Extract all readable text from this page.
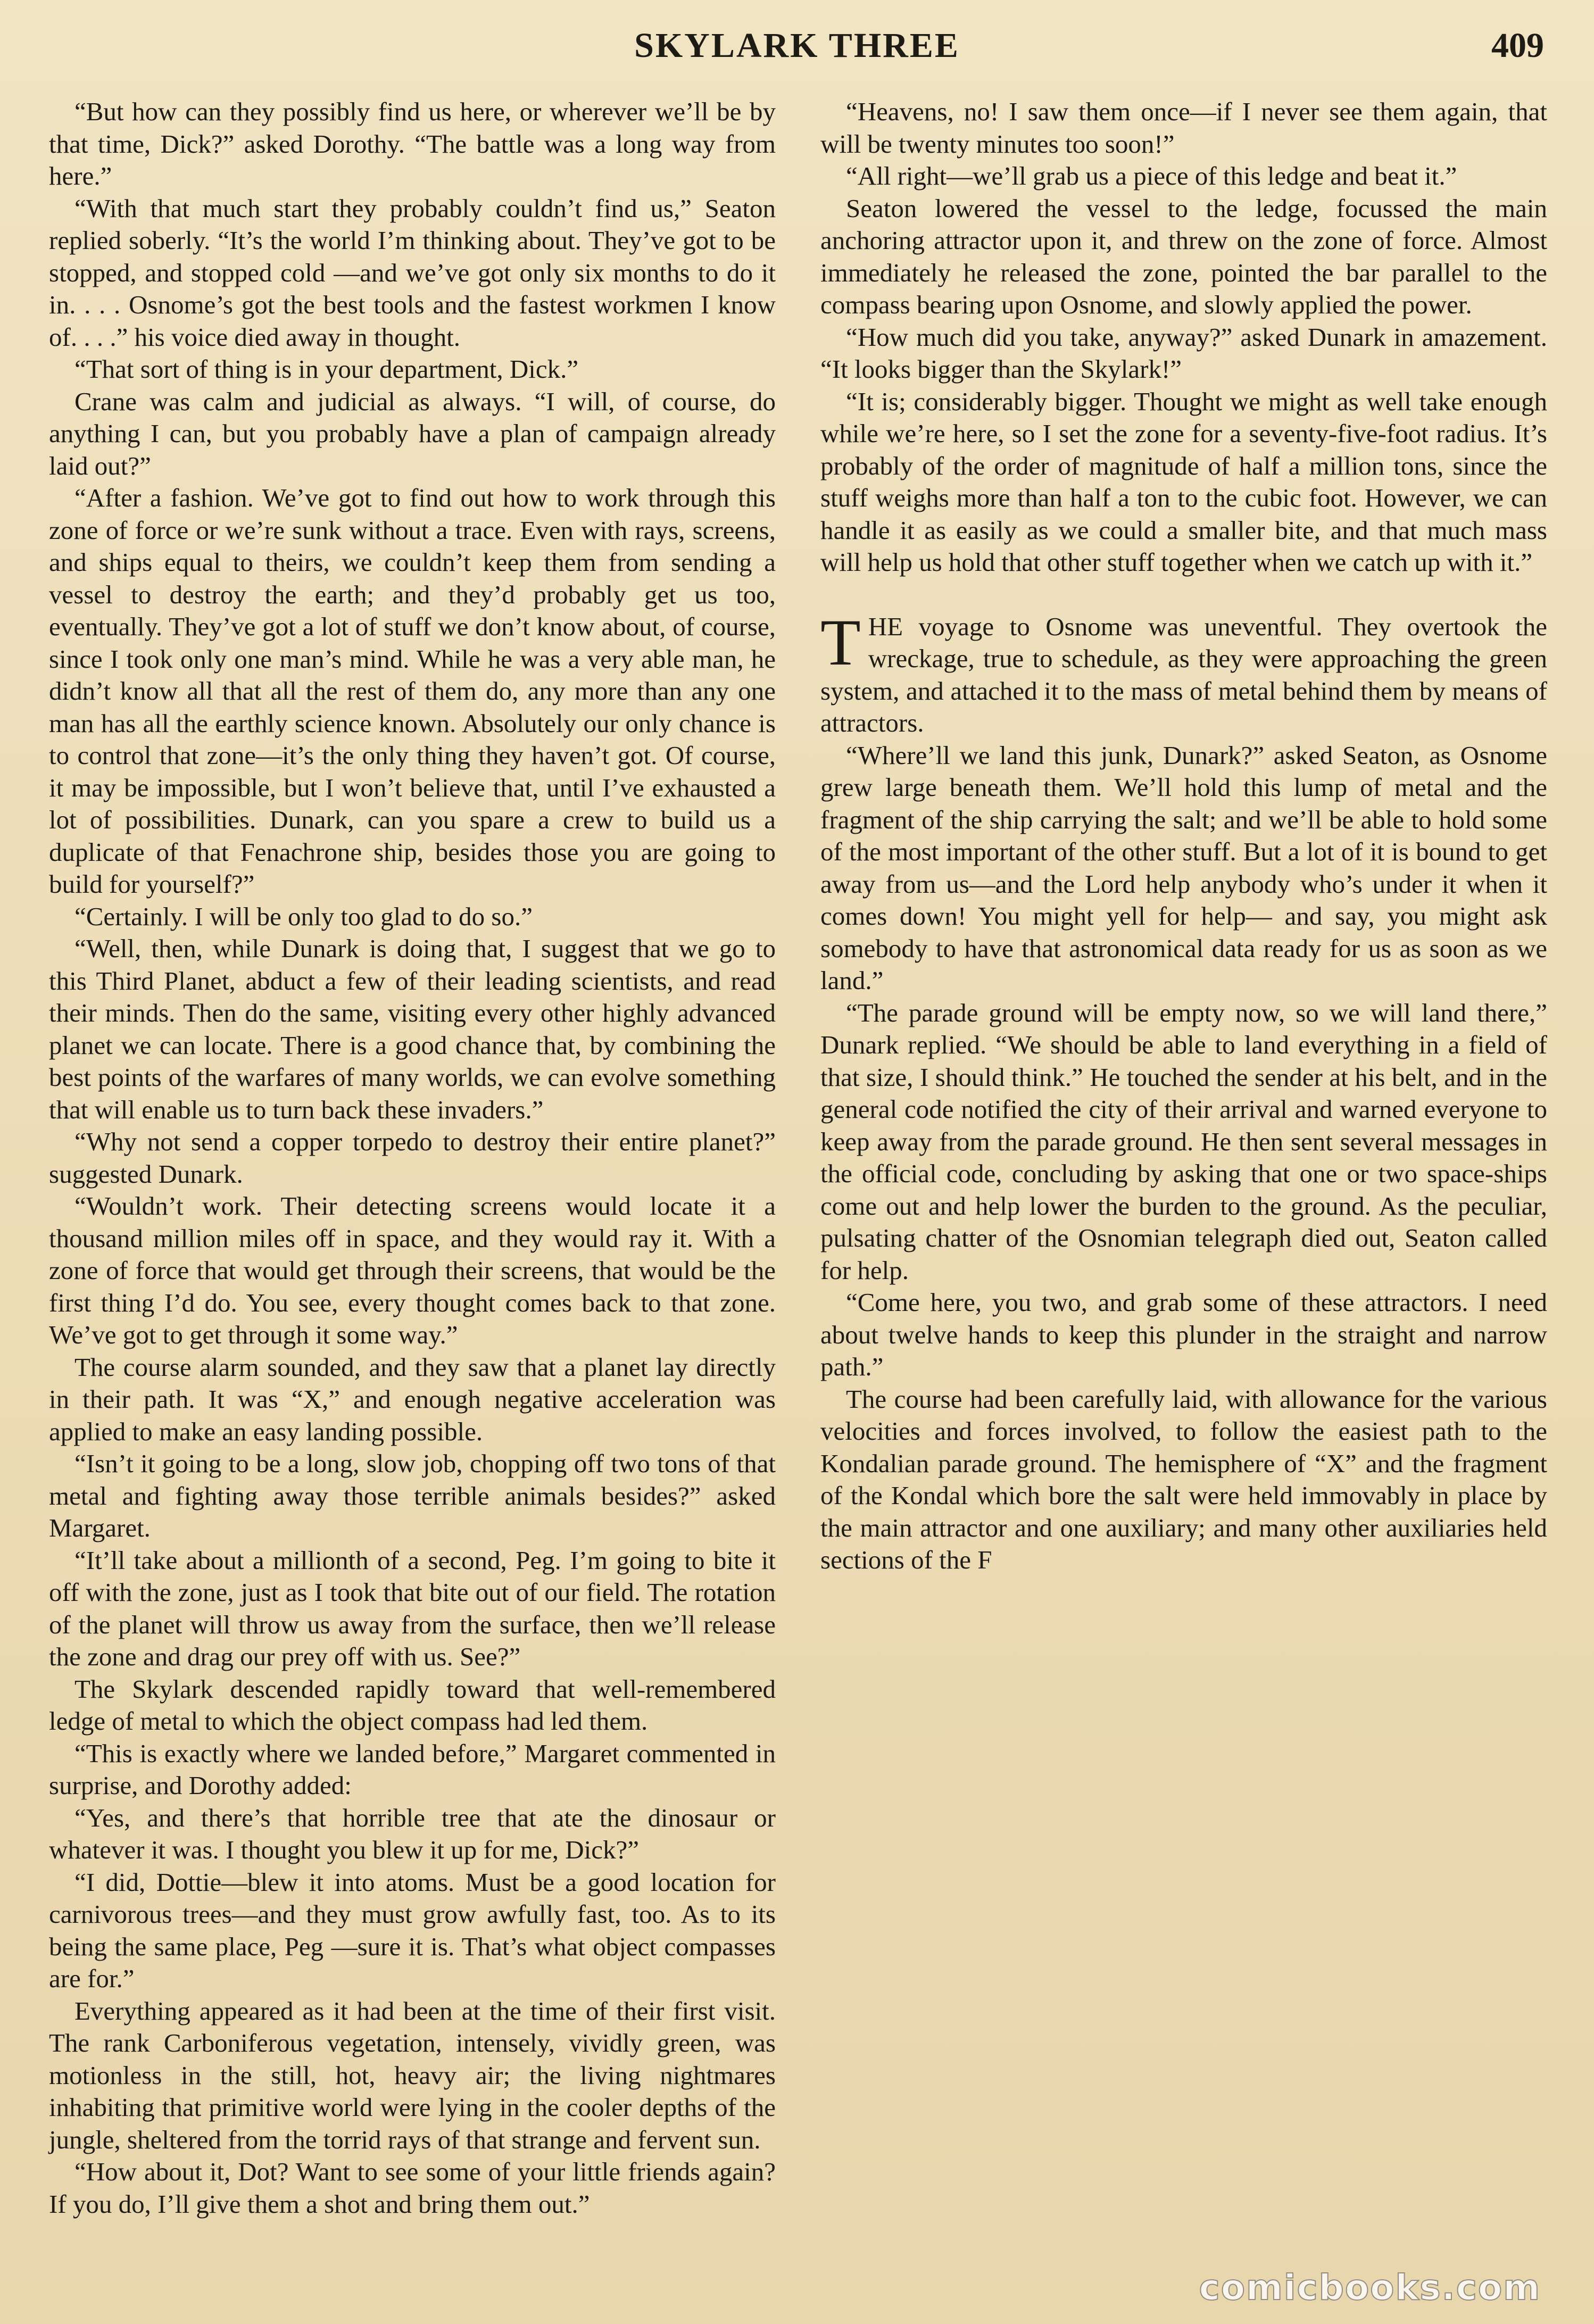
SKYLARK THREE	409

“But how can they possibly find us here, or wherever we’ll be by that time, Dick?” asked Dorothy. “The battle was a long way from here.”

“With that much start they probably couldn’t find us,” Seaton replied soberly. “It’s the world I’m thinking about. They’ve got to be stopped, and stopped cold —and we’ve got only six months to do it in. . . . Osnome’s got the best tools and the fastest workmen I know of. . . .” his voice died away in thought.

“That sort of thing is in your department, Dick.”

Crane was calm and judicial as always. “I will, of course, do anything I can, but you probably have a plan of campaign already laid out?”

“After a fashion. We’ve got to find out how to work through this zone of force or we’re sunk without a trace. Even with rays, screens, and ships equal to theirs, we couldn’t keep them from sending a vessel to destroy the earth; and they’d probably get us too, eventually. They’ve got a lot of stuff we don’t know about, of course, since I took only one man’s mind. While he was a very able man, he didn’t know all that all the rest of them do, any more than any one man has all the earthly science known. Absolutely our only chance is to control that zone—it’s the only thing they haven’t got. Of course, it may be impossible, but I won’t believe that, until I’ve exhausted a lot of possibilities. Dunark, can you spare a crew to build us a duplicate of that Fenachrone ship, besides those you are going to build for yourself?”

“Certainly. I will be only too glad to do so.”

“Well, then, while Dunark is doing that, I suggest that we go to this Third Planet, abduct a few of their leading scientists, and read their minds. Then do the same, visiting every other highly advanced planet we can locate. There is a good chance that, by combining the best points of the warfares of many worlds, we can evolve something that will enable us to turn back these invaders.”

“Why not send a copper torpedo to destroy their entire planet?” suggested Dunark.

“Wouldn’t work. Their detecting screens would locate it a thousand million miles off in space, and they would ray it. With a zone of force that would get through their screens, that would be the first thing I’d do. You see, every thought comes back to that zone. We’ve got to get through it some way.”

The course alarm sounded, and they saw that a planet lay directly in their path. It was “X,” and enough negative acceleration was applied to make an easy landing possible.

“Isn’t it going to be a long, slow job, chopping off two tons of that metal and fighting away those terrible animals besides?” asked Margaret.

“It’ll take about a millionth of a second, Peg. I’m going to bite it off with the zone, just as I took that bite out of our field. The rotation of the planet will throw us away from the surface, then we’ll release the zone and drag our prey off with us. See?”

The Skylark descended rapidly toward that well-remembered ledge of metal to which the object compass had led them.

“This is exactly where we landed before,” Margaret commented in surprise, and Dorothy added:

“Yes, and there’s that horrible tree that ate the dinosaur or whatever it was. I thought you blew it up for me, Dick?”

“I did, Dottie—blew it into atoms. Must be a good location for carnivorous trees—and they must grow awfully fast, too. As to its being the same place, Peg —sure it is. That’s what object compasses are for.”

Everything appeared as it had been at the time of their first visit. The rank Carboniferous vegetation, intensely, vividly green, was motionless in the still, hot, heavy air; the living nightmares inhabiting that primitive world were lying in the cooler depths of the jungle, sheltered from the torrid rays of that strange and fervent sun.

“How about it, Dot? Want to see some of your little friends again? If you do, I’ll give them a shot and bring them out.”

“Heavens, no! I saw them once—if I never see them again, that will be twenty minutes too soon!”

“All right—we’ll grab us a piece of this ledge and beat it.”

Seaton lowered the vessel to the ledge, focussed the main anchoring attractor upon it, and threw on the zone of force. Almost immediately he released the zone, pointed the bar parallel to the compass bearing upon Osnome, and slowly applied the power.

“How much did you take, anyway?” asked Dunark in amazement. “It looks bigger than the Skylark!”

“It is; considerably bigger. Thought we might as well take enough while we’re here, so I set the zone for a seventy-five-foot radius. It’s probably of the order of magnitude of half a million tons, since the stuff weighs more than half a ton to the cubic foot. However, we can handle it as easily as we could a smaller bite, and that much mass will help us hold that other stuff together when we catch up with it.”

THE voyage to Osnome was uneventful. They overtook the wreckage, true to schedule, as they were approaching the green system, and attached it to the mass of metal behind them by means of attractors.

“Where’ll we land this junk, Dunark?” asked Seaton, as Osnome grew large beneath them. We’ll hold this lump of metal and the fragment of the ship carrying the salt; and we’ll be able to hold some of the most important of the other stuff. But a lot of it is bound to get away from us—and the Lord help anybody who’s under it when it comes down! You might yell for help— and say, you might ask somebody to have that astronomical data ready for us as soon as we land.”

“The parade ground will be empty now, so we will land there,” Dunark replied. “We should be able to land everything in a field of that size, I should think.” He touched the sender at his belt, and in the general code notified the city of their arrival and warned everyone to keep away from the parade ground. He then sent several messages in the official code, concluding by asking that one or two space-ships come out and help lower the burden to the ground. As the peculiar, pulsating chatter of the Osnomian telegraph died out, Seaton called for help.

“Come here, you two, and grab some of these attractors. I need about twelve hands to keep this plunder in the straight and narrow path.”

The course had been carefully laid, with allowance for the various velocities and forces involved, to follow the easiest path to the Kondalian parade ground. The hemisphere of “X” and the fragment of the Kondal which bore the salt were held immovably in place by the main attractor and one auxiliary; and many other auxiliaries held sections of the F

comicbooks.com
